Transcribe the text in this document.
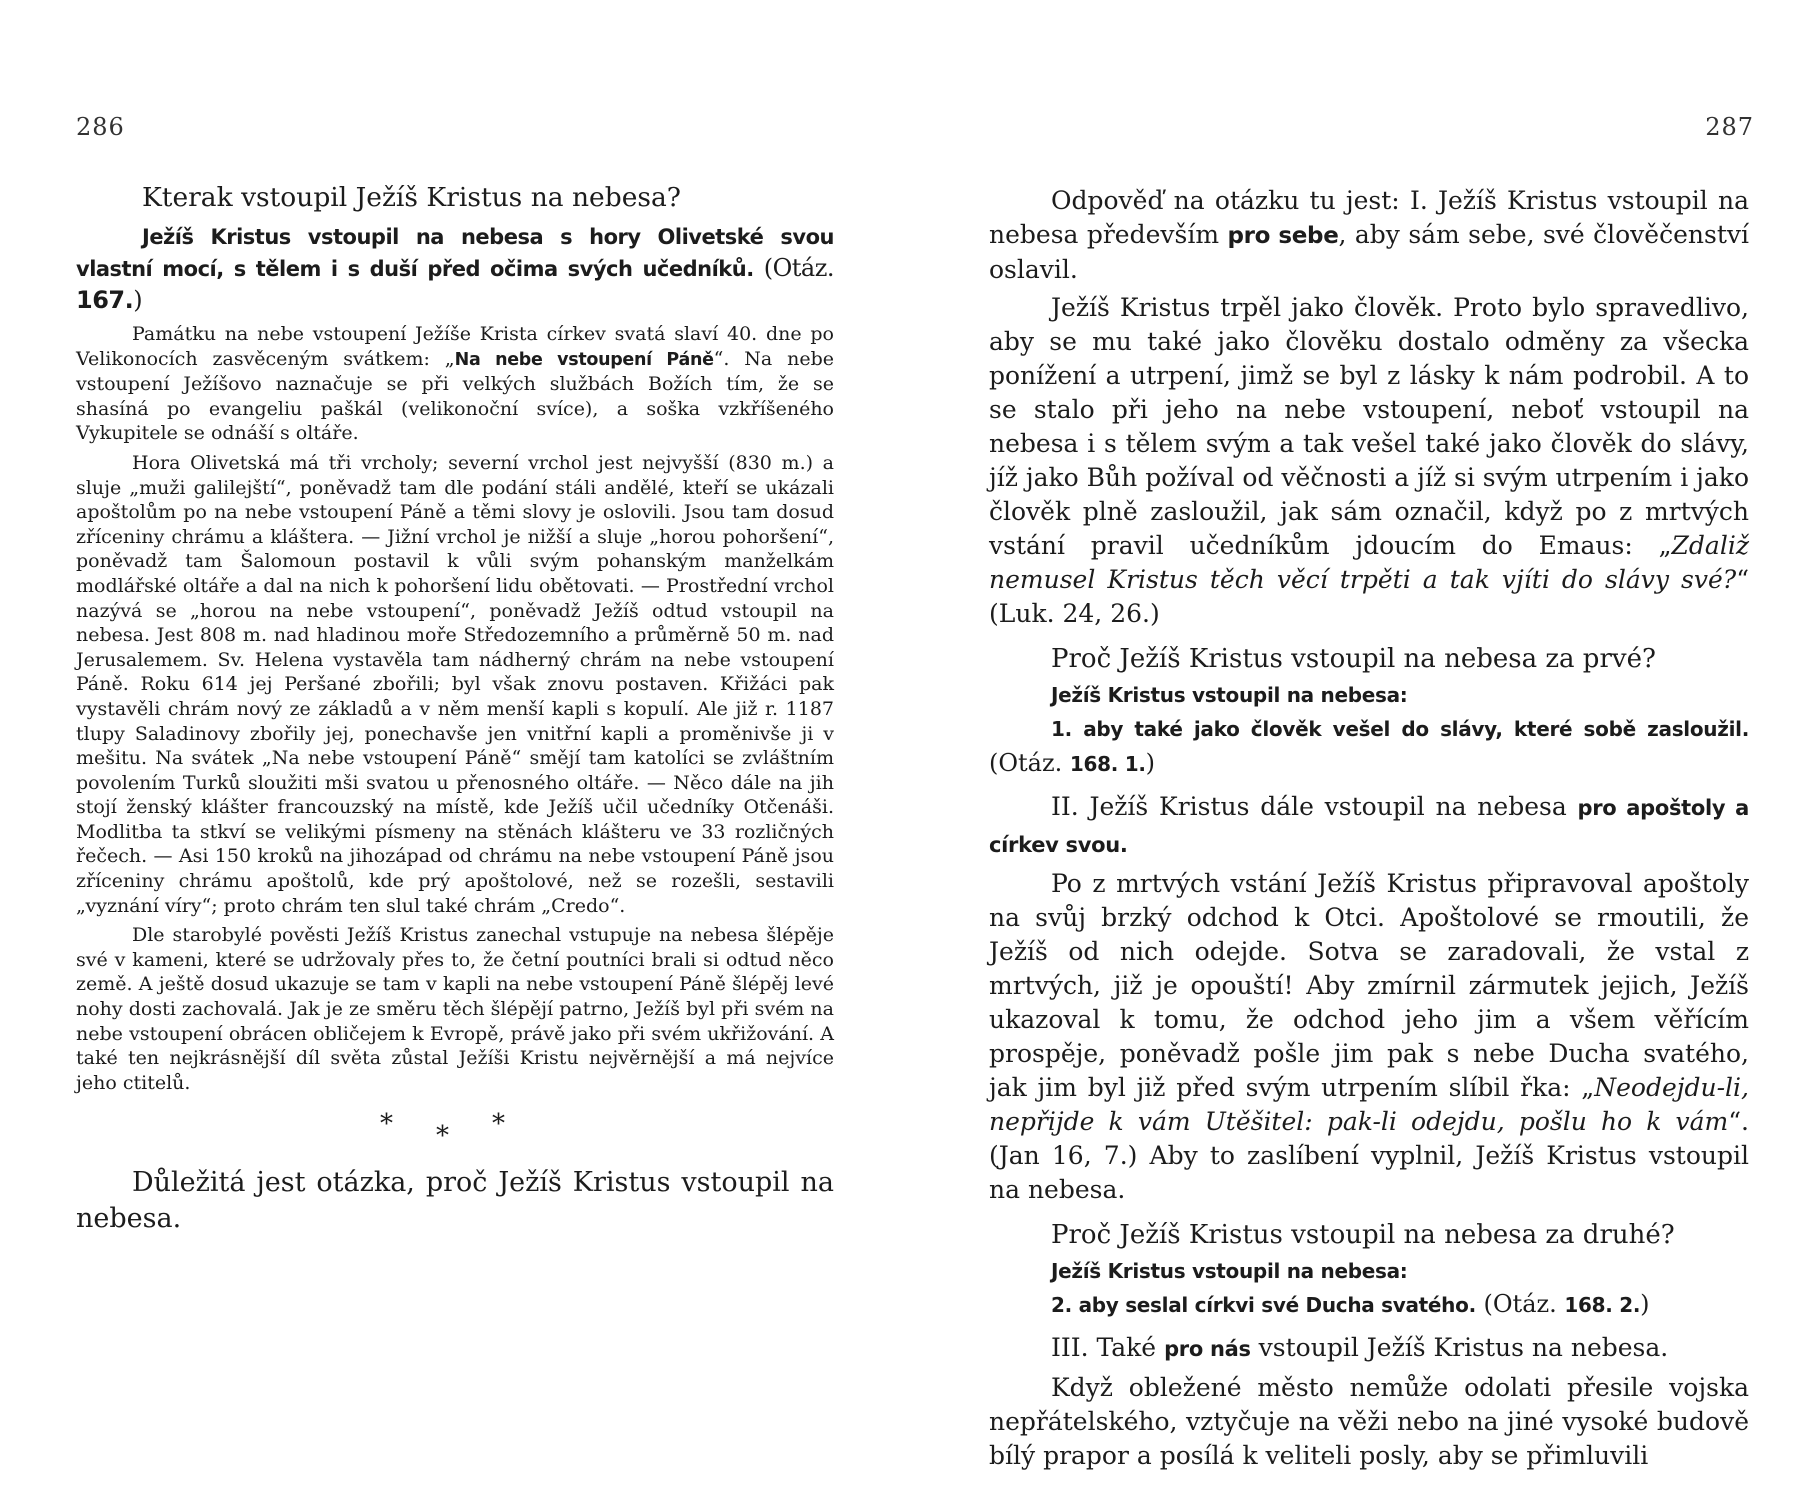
286

Kterak vstoupil Ježíš Kristus na nebesa?

Ježíš Kristus vstoupil na nebesa s hory Olivetské svou vlastní mocí, s tělem i s duší před očima svých učedníků. (Otáz. 167.)

Památku na nebe vstoupení Ježíše Krista církev svatá slaví 40. dne po Velikonocích zasvěceným svátkem: „Na nebe vstoupení Páně“. Na nebe vstoupení Ježíšovo naznačuje se při velkých službách Božích tím, že se shasíná po evangeliu paškál (velikonoční svíce), a soška vzkříšeného Vykupitele se odnáší s oltáře.

Hora Olivetská má tři vrcholy; severní vrchol jest nejvyšší (830 m.) a sluje „muži galilejští“, poněvadž tam dle podání stáli andělé, kteří se ukázali apoštolům po na nebe vstoupení Páně a těmi slovy je oslovili. Jsou tam dosud zříceniny chrámu a kláštera. — Jižní vrchol je nižší a sluje „horou pohoršení“, poněvadž tam Šalomoun postavil k vůli svým pohanským manželkám modlářské oltáře a dal na nich k pohoršení lidu obětovati. — Prostřední vrchol nazývá se „horou na nebe vstoupení“, poněvadž Ježíš odtud vstoupil na nebesa. Jest 808 m. nad hladinou moře Středozemního a průměrně 50 m. nad Jerusalemem. Sv. Helena vystavěla tam nádherný chrám na nebe vstoupení Páně. Roku 614 jej Peršané zbořili; byl však znovu postaven. Křižáci pak vystavěli chrám nový ze základů a v něm menší kapli s kopulí. Ale již r. 1187 tlupy Saladinovy zbořily jej, ponechavše jen vnitřní kapli a proměnivše ji v mešitu. Na svátek „Na nebe vstoupení Páně“ smějí tam katolíci se zvláštním povolením Turků sloužiti mši svatou u přenosného oltáře. — Něco dále na jih stojí ženský klášter francouzský na místě, kde Ježíš učil učedníky Otčenáši. Modlitba ta stkví se velikými písmeny na stěnách klášteru ve 33 rozličných řečech. — Asi 150 kroků na jihozápad od chrámu na nebe vstoupení Páně jsou zříceniny chrámu apoštolů, kde prý apoštolové, než se rozešli, sestavili „vyznání víry“; proto chrám ten slul také chrám „Credo“.

Dle starobylé pověsti Ježíš Kristus zanechal vstupuje na nebesa šlépěje své v kameni, které se udržovaly přes to, že četní poutníci brali si odtud něco země. A ještě dosud ukazuje se tam v kapli na nebe vstoupení Páně šlépěj levé nohy dosti zachovalá. Jak je ze směru těch šlépějí patrno, Ježíš byl při svém na nebe vstoupení obrácen obličejem k Evropě, právě jako při svém ukřižování. A také ten nejkrásnější díl světa zůstal Ježíši Kristu nejvěrnější a má nejvíce jeho ctitelů.

* * *

Důležitá jest otázka, proč Ježíš Kristus vstoupil na nebesa.

287

Odpověď na otázku tu jest: I. Ježíš Kristus vstoupil na nebesa především pro sebe, aby sám sebe, své člověčenství oslavil.

Ježíš Kristus trpěl jako člověk. Proto bylo spravedlivo, aby se mu také jako člověku dostalo odměny za všecka ponížení a utrpení, jimž se byl z lásky k nám podrobil. A to se stalo při jeho na nebe vstoupení, neboť vstoupil na nebesa i s tělem svým a tak vešel také jako člověk do slávy, jíž jako Bůh požíval od věčnosti a jíž si svým utrpením i jako člověk plně zasloužil, jak sám označil, když po z mrtvých vstání pravil učedníkům jdoucím do Emaus: „Zdaliž nemusel Kristus těch věcí trpěti a tak vjíti do slávy své?“ (Luk. 24, 26.)

Proč Ježíš Kristus vstoupil na nebesa za prvé?

Ježíš Kristus vstoupil na nebesa:

1. aby také jako člověk vešel do slávy, které sobě zasloužil. (Otáz. 168. 1.)

II. Ježíš Kristus dále vstoupil na nebesa pro apoštoly a církev svou.

Po z mrtvých vstání Ježíš Kristus připravoval apoštoly na svůj brzký odchod k Otci. Apoštolové se rmoutili, že Ježíš od nich odejde. Sotva se zaradovali, že vstal z mrtvých, již je opouští! Aby zmírnil zármutek jejich, Ježíš ukazoval k tomu, že odchod jeho jim a všem věřícím prospěje, poněvadž pošle jim pak s nebe Ducha svatého, jak jim byl již před svým utrpením slíbil řka: „Neodejdu-li, nepřijde k vám Utěšitel: pak-li odejdu, pošlu ho k vám“. (Jan 16, 7.) Aby to zaslíbení vyplnil, Ježíš Kristus vstoupil na nebesa.

Proč Ježíš Kristus vstoupil na nebesa za druhé?

Ježíš Kristus vstoupil na nebesa:

2. aby seslal církvi své Ducha svatého. (Otáz. 168. 2.)

III. Také pro nás vstoupil Ježíš Kristus na nebesa.

Když obležené město nemůže odolati přesile vojska nepřátelského, vztyčuje na věži nebo na jiné vysoké budově bílý prapor a posílá k veliteli posly, aby se přimluvili
